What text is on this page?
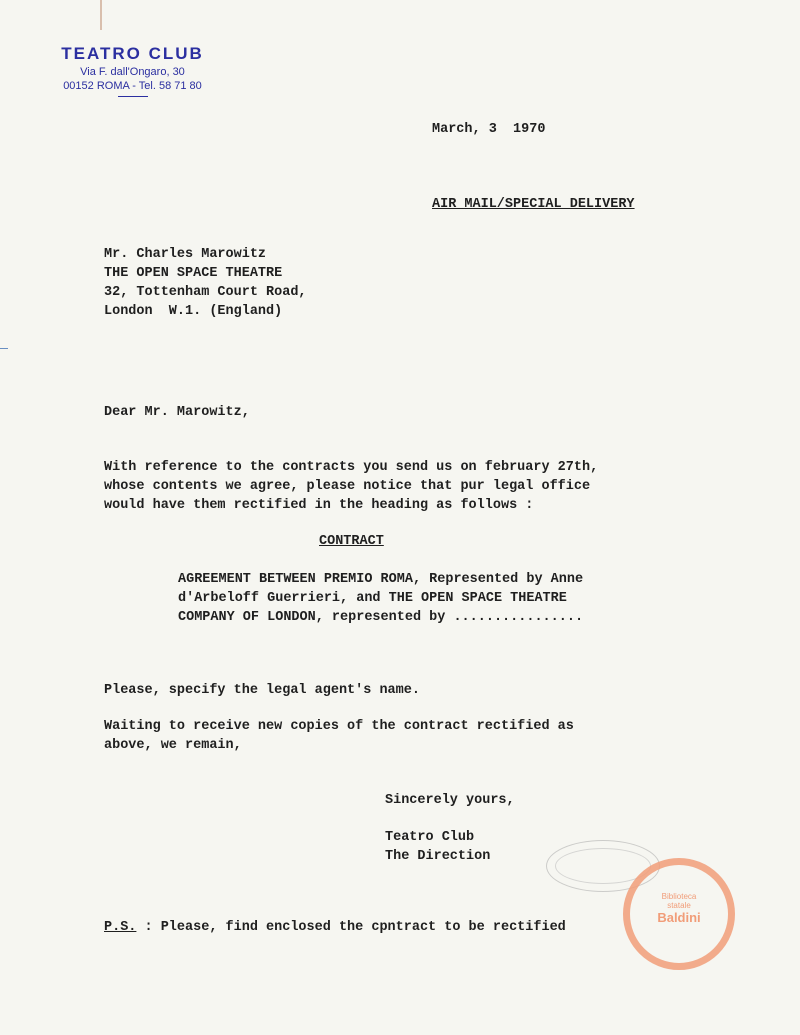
TEATRO CLUB
Via F. dall'Ongaro, 30
00152 ROMA - Tel. 58 71 80
March, 3  1970
AIR MAIL/SPECIAL DELIVERY
Mr. Charles Marowitz
THE OPEN SPACE THEATRE
32, Tottenham Court Road,
London  W.1. (England)
Dear Mr. Marowitz,
With reference to the contracts you send us on february 27th,
whose contents we agree, please notice that pur legal office
would have them rectified in the heading as follows :
CONTRACT
AGREEMENT BETWEEN PREMIO ROMA, Represented by Anne
d'Arbeloff Guerrieri, and THE OPEN SPACE THEATRE
COMPANY OF LONDON, represented by ................
Please, specify the legal agent's name.
Waiting to receive new copies of the contract rectified as
above, we remain,
Sincerely yours,
Teatro Club
The Direction
P.S. : Please, find enclosed the cpntract to be rectified
Biblioteca
statale
Baldini
